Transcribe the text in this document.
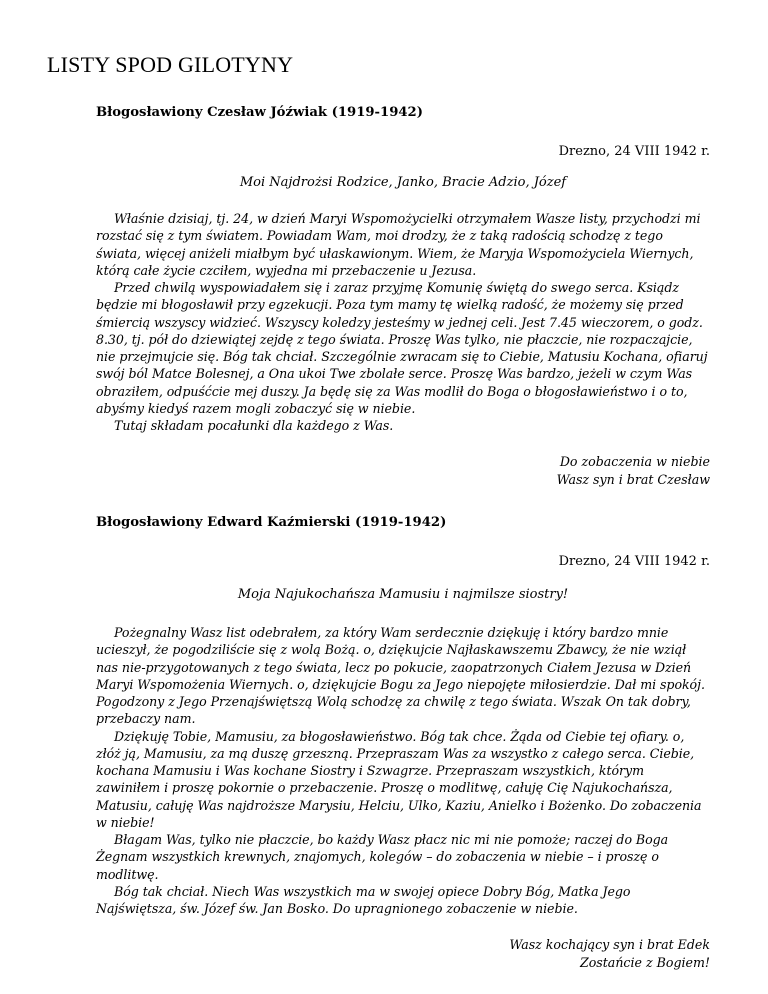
LISTY SPOD GILOTYNY

Błogosławiony Czesław Jóźwiak (1919-1942)

Drezno, 24 VIII 1942 r.

Moi Najdrożsi Rodzice, Janko, Bracie Adzio, Józef

Właśnie dzisiaj, tj. 24, w dzień Maryi Wspomożycielki otrzymałem Wasze listy, przychodzi mi rozstać się z tym światem. Powiadam Wam, moi drodzy, że z taką radością schodzę z tego świata, więcej aniżeli miałbym być ułaskawionym. Wiem, że Maryja Wspomożyciela Wiernych, którą całe życie czciłem, wyjedna mi przebaczenie u Jezusa.

Przed chwilą wyspowiadałem się i zaraz przyjmę Komunię świętą do swego serca. Ksiądz będzie mi błogosławił przy egzekucji. Poza tym mamy tę wielką radość, że możemy się przed śmiercią wszyscy widzieć. Wszyscy koledzy jesteśmy w jednej celi. Jest 7.45 wieczorem, o godz. 8.30, tj. pół do dziewiątej zejdę z tego świata. Proszę Was tylko, nie płaczcie, nie rozpaczajcie, nie przejmujcie się. Bóg tak chciał. Szczególnie zwracam się to Ciebie, Matusiu Kochana, ofiaruj swój ból Matce Bolesnej, a Ona ukoi Twe zbolałe serce. Proszę Was bardzo, jeżeli w czym Was obraziłem, odpuśćcie mej duszy. Ja będę się za Was modlił do Boga o błogosławieństwo i o to, abyśmy kiedyś razem mogli zobaczyć się w niebie.

Tutaj składam pocałunki dla każdego z Was.

Do zobaczenia w niebie

Wasz syn i brat Czesław

Błogosławiony Edward Kaźmierski (1919-1942)

Drezno, 24 VIII 1942 r.

Moja Najukochańsza Mamusiu i najmilsze siostry!

Pożegnalny Wasz list odebrałem, za który Wam serdecznie dziękuję i który bardzo mnie ucieszył, że pogodziliście się z wolą Bożą. o, dziękujcie Najłaskawszemu Zbawcy, że nie wziął nas nie-przygotowanych z tego świata, lecz po pokucie, zaopatrzonych Ciałem Jezusa w Dzień Maryi Wspomożenia Wiernych. o, dziękujcie Bogu za Jego niepojęte miłosierdzie. Dał mi spokój. Pogodzony z Jego Przenajświętszą Wolą schodzę za chwilę z tego świata. Wszak On tak dobry, przebaczy nam.

Dziękuję Tobie, Mamusiu, za błogosławieństwo. Bóg tak chce. Żąda od Ciebie tej ofiary. o, złóż ją, Mamusiu, za mą duszę grzeszną. Przepraszam Was za wszystko z całego serca. Ciebie, kochana Mamusiu i Was kochane Siostry i Szwagrze. Przepraszam wszystkich, którym zawiniłem i proszę pokornie o przebaczenie. Proszę o modlitwę, całuję Cię Najukochańsza, Matusiu, całuję Was najdroższe Marysiu, Helciu, Ulko, Kaziu, Anielko i Bożenko. Do zobaczenia w niebie!

Błagam Was, tylko nie płaczcie, bo każdy Wasz płacz nic mi nie pomoże; raczej do Boga Żegnam wszystkich krewnych, znajomych, kolegów – do zobaczenia w niebie – i proszę o modlitwę.

Bóg tak chciał. Niech Was wszystkich ma w swojej opiece Dobry Bóg, Matka Jego Najświętsza, św. Józef św. Jan Bosko. Do upragnionego zobaczenie w niebie.

Wasz kochający syn i brat Edek

Zostańcie z Bogiem!
